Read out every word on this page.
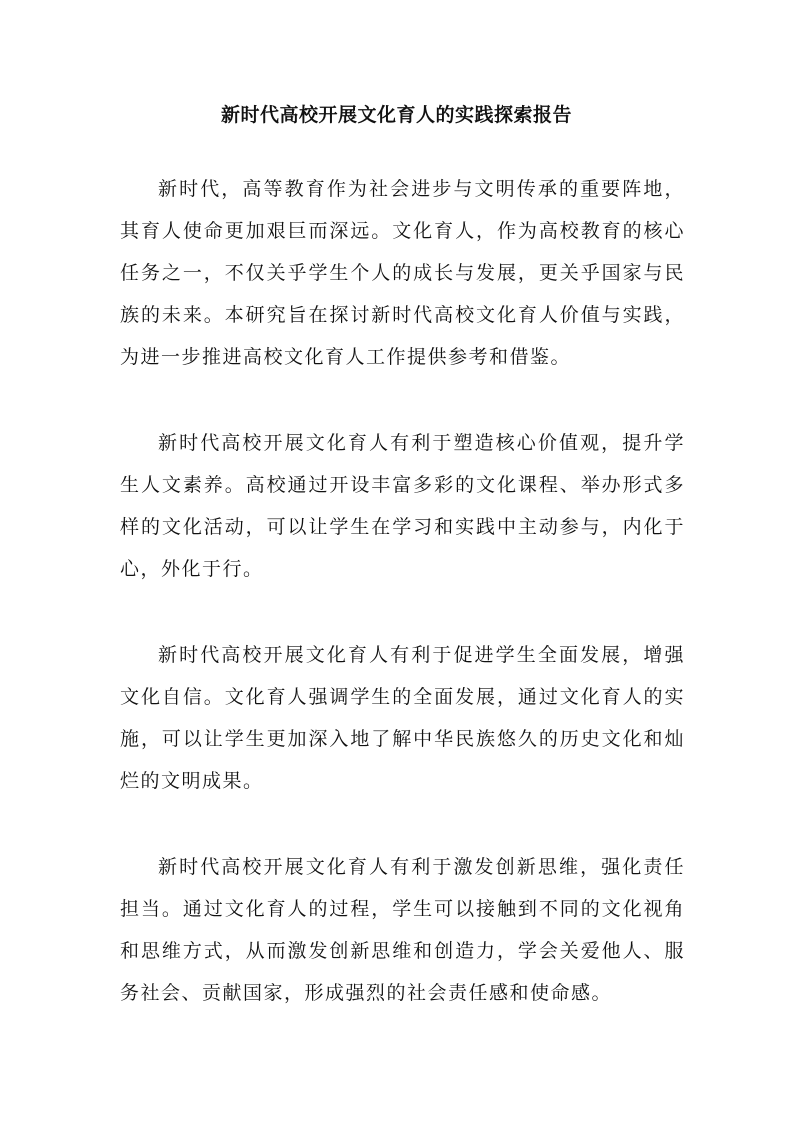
新时代高校开展文化育人的实践探索报告

新时代，高等教育作为社会进步与文明传承的重要阵地，其育人使命更加艰巨而深远。文化育人，作为高校教育的核心任务之一，不仅关乎学生个人的成长与发展，更关乎国家与民族的未来。本研究旨在探讨新时代高校文化育人价值与实践，为进一步推进高校文化育人工作提供参考和借鉴。

新时代高校开展文化育人有利于塑造核心价值观，提升学生人文素养。高校通过开设丰富多彩的文化课程、举办形式多样的文化活动，可以让学生在学习和实践中主动参与，内化于心，外化于行。

新时代高校开展文化育人有利于促进学生全面发展，增强文化自信。文化育人强调学生的全面发展，通过文化育人的实施，可以让学生更加深入地了解中华民族悠久的历史文化和灿烂的文明成果。

新时代高校开展文化育人有利于激发创新思维，强化责任担当。通过文化育人的过程，学生可以接触到不同的文化视角和思维方式，从而激发创新思维和创造力，学会关爱他人、服务社会、贡献国家，形成强烈的社会责任感和使命感。
